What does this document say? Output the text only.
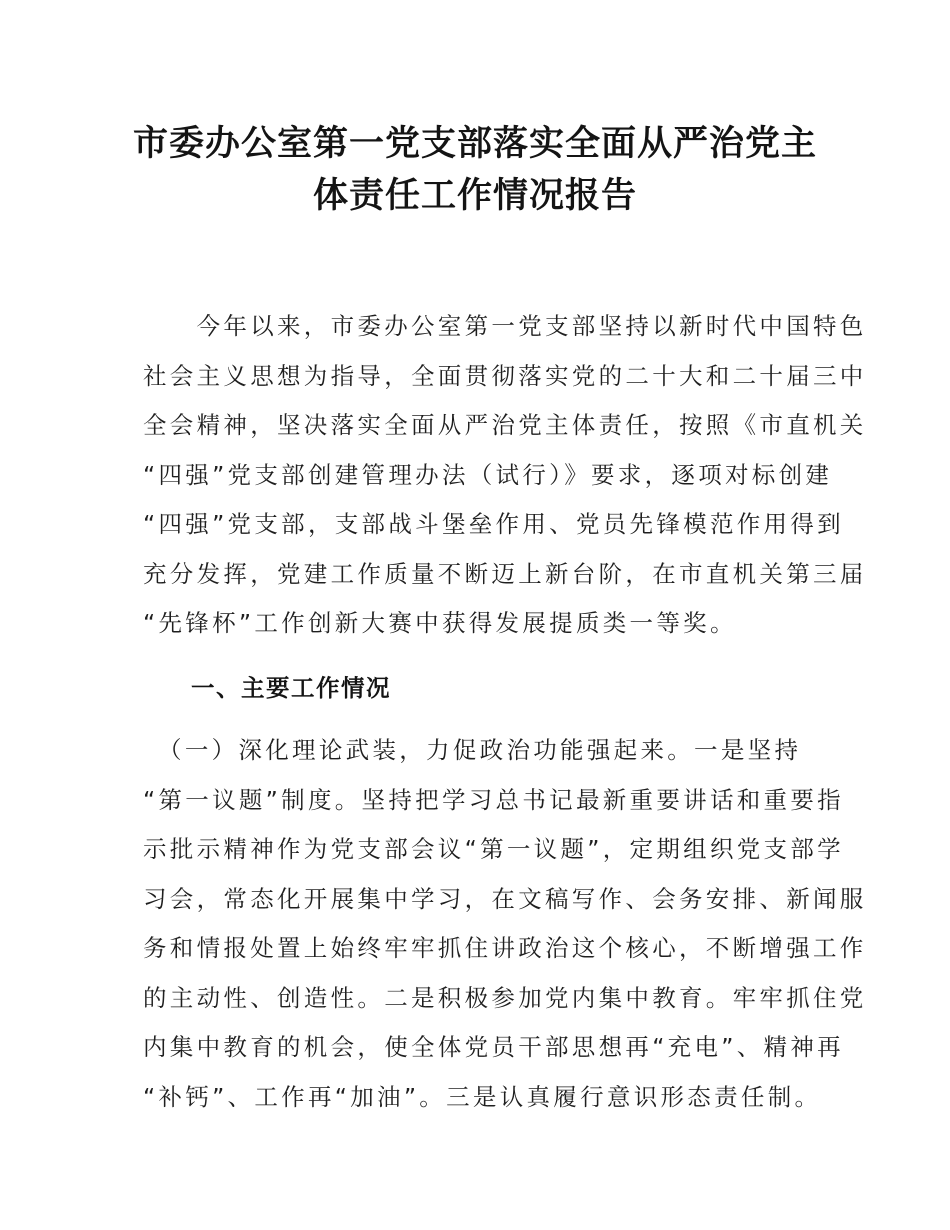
市委办公室第一党支部落实全面从严治党主
体责任工作情况报告
　　今年以来，市委办公室第一党支部坚持以新时代中国特色
社会主义思想为指导，全面贯彻落实党的二十大和二十届三中
全会精神，坚决落实全面从严治党主体责任，按照《市直机关
“四强”党支部创建管理办法（试行）》要求，逐项对标创建
“四强”党支部，支部战斗堡垒作用、党员先锋模范作用得到
充分发挥，党建工作质量不断迈上新台阶，在市直机关第三届
“先锋杯”工作创新大赛中获得发展提质类一等奖。
一、主要工作情况
　（一）深化理论武装，力促政治功能强起来。一是坚持
“第一议题”制度。坚持把学习总书记最新重要讲话和重要指
示批示精神作为党支部会议“第一议题”，定期组织党支部学
习会，常态化开展集中学习，在文稿写作、会务安排、新闻服
务和情报处置上始终牢牢抓住讲政治这个核心，不断增强工作
的主动性、创造性。二是积极参加党内集中教育。牢牢抓住党
内集中教育的机会，使全体党员干部思想再“充电”、精神再
“补钙”、工作再“加油”。三是认真履行意识形态责任制。
